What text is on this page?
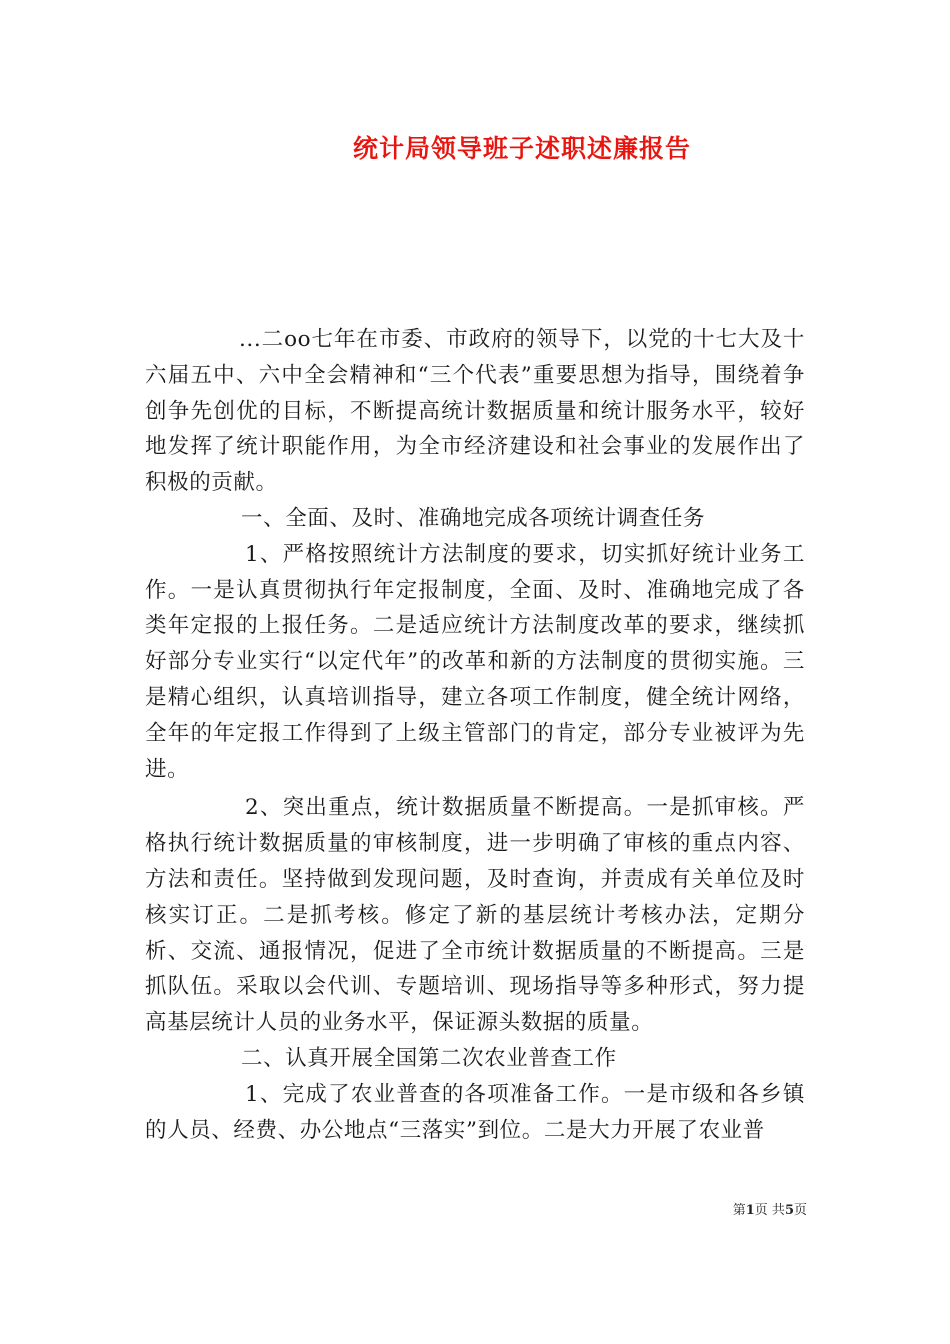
统计局领导班子述职述廉报告

...二oo七年在市委、市政府的领导下，以党的十七大及十六届五中、六中全会精神和“三个代表”重要思想为指导，围绕着争创争先创优的目标，不断提高统计数据质量和统计服务水平，较好地发挥了统计职能作用，为全市经济建设和社会事业的发展作出了积极的贡献。

一、全面、及时、准确地完成各项统计调查任务

1、严格按照统计方法制度的要求，切实抓好统计业务工作。一是认真贯彻执行年定报制度，全面、及时、准确地完成了各类年定报的上报任务。二是适应统计方法制度改革的要求，继续抓好部分专业实行“以定代年”的改革和新的方法制度的贯彻实施。三是精心组织，认真培训指导，建立各项工作制度，健全统计网络，全年的年定报工作得到了上级主管部门的肯定，部分专业被评为先进。

2、突出重点，统计数据质量不断提高。一是抓审核。严格执行统计数据质量的审核制度，进一步明确了审核的重点内容、方法和责任。坚持做到发现问题，及时查询，并责成有关单位及时核实订正。二是抓考核。修定了新的基层统计考核办法，定期分析、交流、通报情况，促进了全市统计数据质量的不断提高。三是抓队伍。采取以会代训、专题培训、现场指导等多种形式，努力提高基层统计人员的业务水平，保证源头数据的质量。

二、认真开展全国第二次农业普查工作

1、完成了农业普查的各项准备工作。一是市级和各乡镇的人员、经费、办公地点“三落实”到位。二是大力开展了农业普

第1页 共5页
